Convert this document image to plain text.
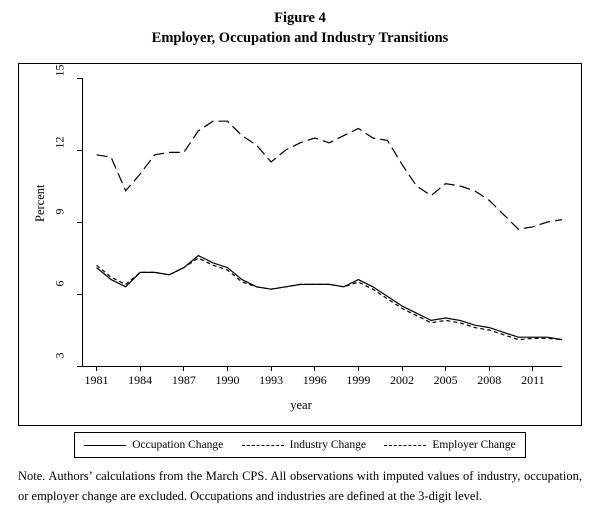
Figure 4
Employer, Occupation and Industry Transitions
Percent
year
3
6
9
12
15
1981	1984	1987	1990	1993	1996	1999	2002	2005	2008	2011
Occupation Change	Industry Change	Employer Change
Note. Authors’ calculations from the March CPS. All observations with imputed values of industry, occupation, or employer change are excluded. Occupations and industries are defined at the 3-digit level.
